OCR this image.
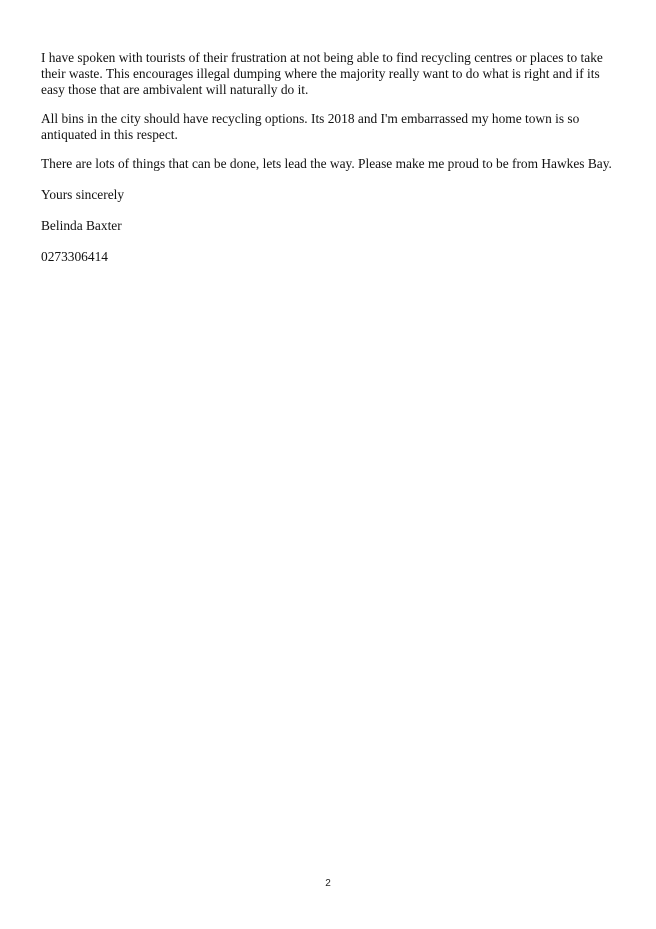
I have spoken with tourists of their frustration at not being able to find recycling centres or places to take their waste. This encourages illegal dumping where the majority really want to do what is right and if its easy those that are ambivalent will naturally do it.

All bins in the city should have recycling options. Its 2018 and I'm embarrassed my home town is so antiquated in this respect.

There are lots of things that can be done, lets lead the way. Please make me proud to be from Hawkes Bay.

Yours sincerely

Belinda Baxter

0273306414

2
